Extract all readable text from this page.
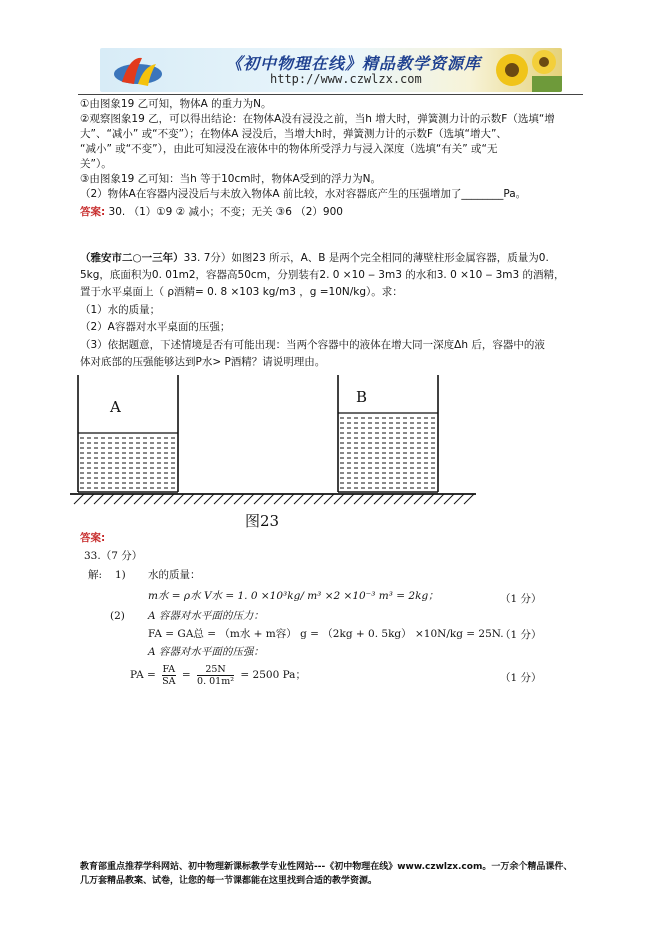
《初中物理在线》精品教学资源库
http://www.czwlzx.com
①由图象19 乙可知，物体A 的重力为N。
②观察图象19 乙，可以得出结论：在物体A没有浸没之前，当h 增大时，弹簧测力计的示数F（选填“增
大”、“减小” 或“不变”）；在物体A 浸没后，当增大h时，弹簧测力计的示数F（选填“增大”、
“减小” 或“不变”），由此可知浸没在液体中的物体所受浮力与浸入深度（选填“有关” 或“无
关”）。
③由图象19 乙可知：当h 等于10cm时，物体A受到的浮力为N。
（2）物体A在容器内浸没后与未放入物体A 前比较，水对容器底产生的压强增加了________Pa。
答案: 30. （1）①9 ② 减小；不变；无关 ③6 （2）900
（雅安市二○一三年）33. 7分）如图23 所示，A、B 是两个完全相同的薄壁柱形金属容器，质量为0.
5kg，底面积为0. 01m2，容器高50cm，分别装有2. 0 ×10 ‒ 3m3 的水和3. 0 ×10 ‒ 3m3 的酒精，
置于水平桌面上（ ρ酒精= 0. 8 ×103 kg/m3 ，g =10N/kg）。求：
（1）水的质量；
（2）A容器对水平桌面的压强；
（3）依据题意，下述情境是否有可能出现：当两个容器中的液体在增大同一深度Δh 后，容器中的液
体对底部的压强能够达到P水> P酒精？请说明理由。
A
B
图23
答案:
33.（7 分）
解: 1) 水的质量：
m水 = ρ水 V水 = 1. 0 ×10³kg/ m³ ×2 ×10⁻³ m³ = 2kg；	（1 分）
(2) A 容器对水平面的压力：
FA = GA总 = （m水 + m容） g = （2kg + 0. 5kg） ×10N/kg = 25N.
（1 分）
A 容器对水平面的压强：
PA = $\frac{FA}{SA} = \frac{25N}{\text{0. 01m²}} = 2500$ Pa；	（1 分）
教育部重点推荐学科网站、初中物理新课标教学专业性网站---《初中物理在线》www.czwlzx.com。一万余个精品课件、几万套精品教案、试卷，让您的每一节课都能在这里找到合适的教学资源。
